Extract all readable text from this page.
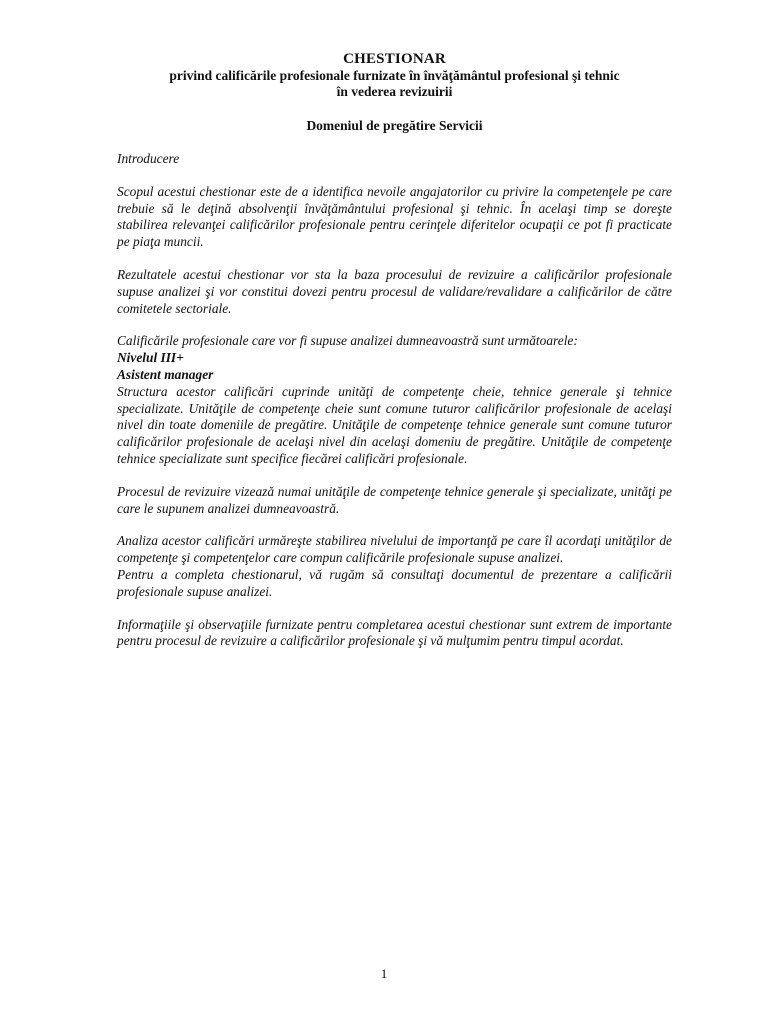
CHESTIONAR
privind calificările profesionale furnizate în învăţământul profesional şi tehnic
în vederea revizuirii
Domeniul de pregătire Servicii

Introducere

Scopul acestui chestionar este de a identifica nevoile angajatorilor cu privire la competenţele pe care trebuie să le deţină absolvenţii învăţământului profesional şi tehnic. În acelaşi timp se doreşte stabilirea relevanţei calificărilor profesionale pentru cerinţele diferitelor ocupaţii ce pot fi practicate pe piaţa muncii.

Rezultatele acestui chestionar vor sta la baza procesului de revizuire a calificărilor profesionale supuse analizei şi vor constitui dovezi pentru procesul de validare/revalidare a calificărilor de către comitetele sectoriale.

Calificările profesionale care vor fi supuse analizei dumneavoastră sunt următoarele:

Nivelul III+

Asistent manager

Structura acestor calificări cuprinde unităţi de competenţe cheie, tehnice generale şi tehnice specializate. Unităţile de competenţe cheie sunt comune tuturor calificărilor profesionale de acelaşi nivel din toate domeniile de pregătire. Unităţile de competenţe tehnice generale sunt comune tuturor calificărilor profesionale de acelaşi nivel din acelaşi domeniu de pregătire. Unităţile de competenţe tehnice specializate sunt specifice fiecărei calificări profesionale.

Procesul de revizuire vizează numai unităţile de competenţe tehnice generale şi specializate, unităţi pe care le supunem analizei dumneavoastră.

Analiza acestor calificări urmăreşte stabilirea nivelului de importanţă pe care îl acordaţi unităţilor de competenţe şi competenţelor care compun calificările profesionale supuse analizei.

Pentru a completa chestionarul, vă rugăm să consultaţi documentul de prezentare a calificării profesionale supuse analizei.

Informaţiile şi observaţiile furnizate pentru completarea acestui chestionar sunt extrem de importante pentru procesul de revizuire a calificărilor profesionale şi vă mulţumim pentru timpul acordat.

1
